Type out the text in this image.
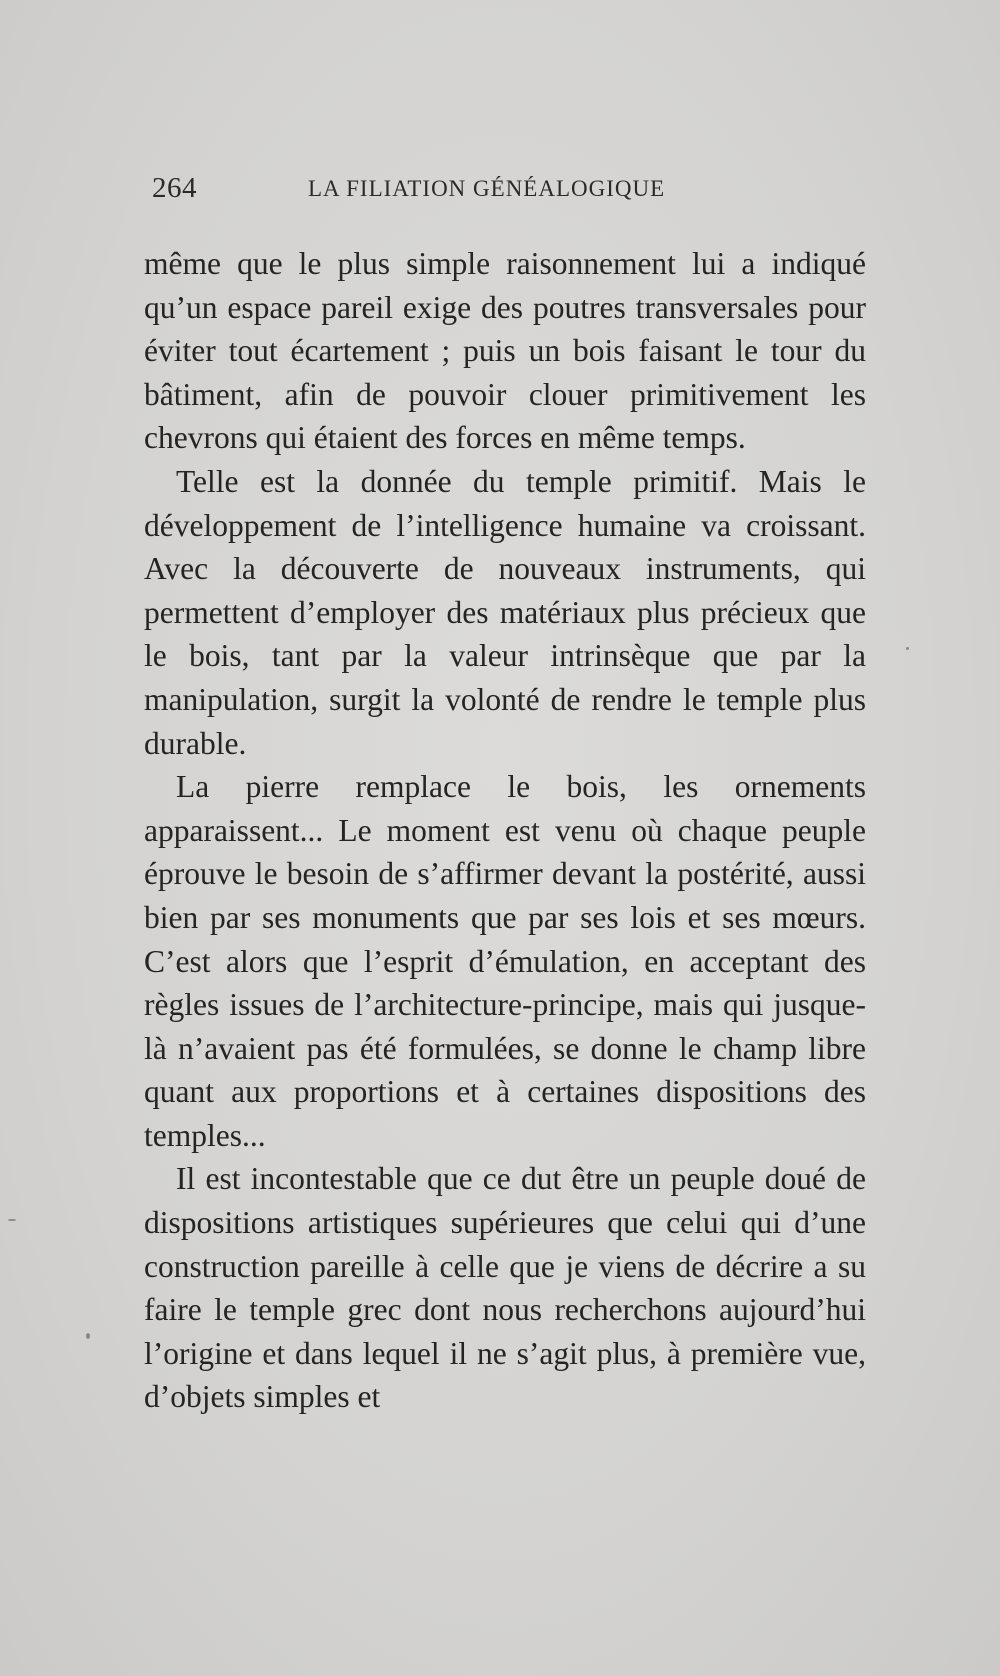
264	LA FILIATION GÉNÉALOGIQUE

même que le plus simple raisonnement lui a indiqué qu’un espace pareil exige des poutres transversales pour éviter tout écartement ; puis un bois faisant le tour du bâtiment, afin de pouvoir clouer primitivement les chevrons qui étaient des forces en même temps.

Telle est la donnée du temple primitif. Mais le développement de l’intelligence humaine va croissant. Avec la découverte de nouveaux instruments, qui permettent d’employer des matériaux plus précieux que le bois, tant par la valeur intrinsèque que par la manipulation, surgit la volonté de rendre le temple plus durable.

La pierre remplace le bois, les ornements apparaissent... Le moment est venu où chaque peuple éprouve le besoin de s’affirmer devant la postérité, aussi bien par ses monuments que par ses lois et ses mœurs. C’est alors que l’esprit d’émulation, en acceptant des règles issues de l’architecture-principe, mais qui jusque-là n’avaient pas été formulées, se donne le champ libre quant aux proportions et à certaines dispositions des temples...

Il est incontestable que ce dut être un peuple doué de dispositions artistiques supérieures que celui qui d’une construction pareille à celle que je viens de décrire a su faire le temple grec dont nous recherchons aujourd’hui l’origine et dans lequel il ne s’agit plus, à première vue, d’objets simples et
